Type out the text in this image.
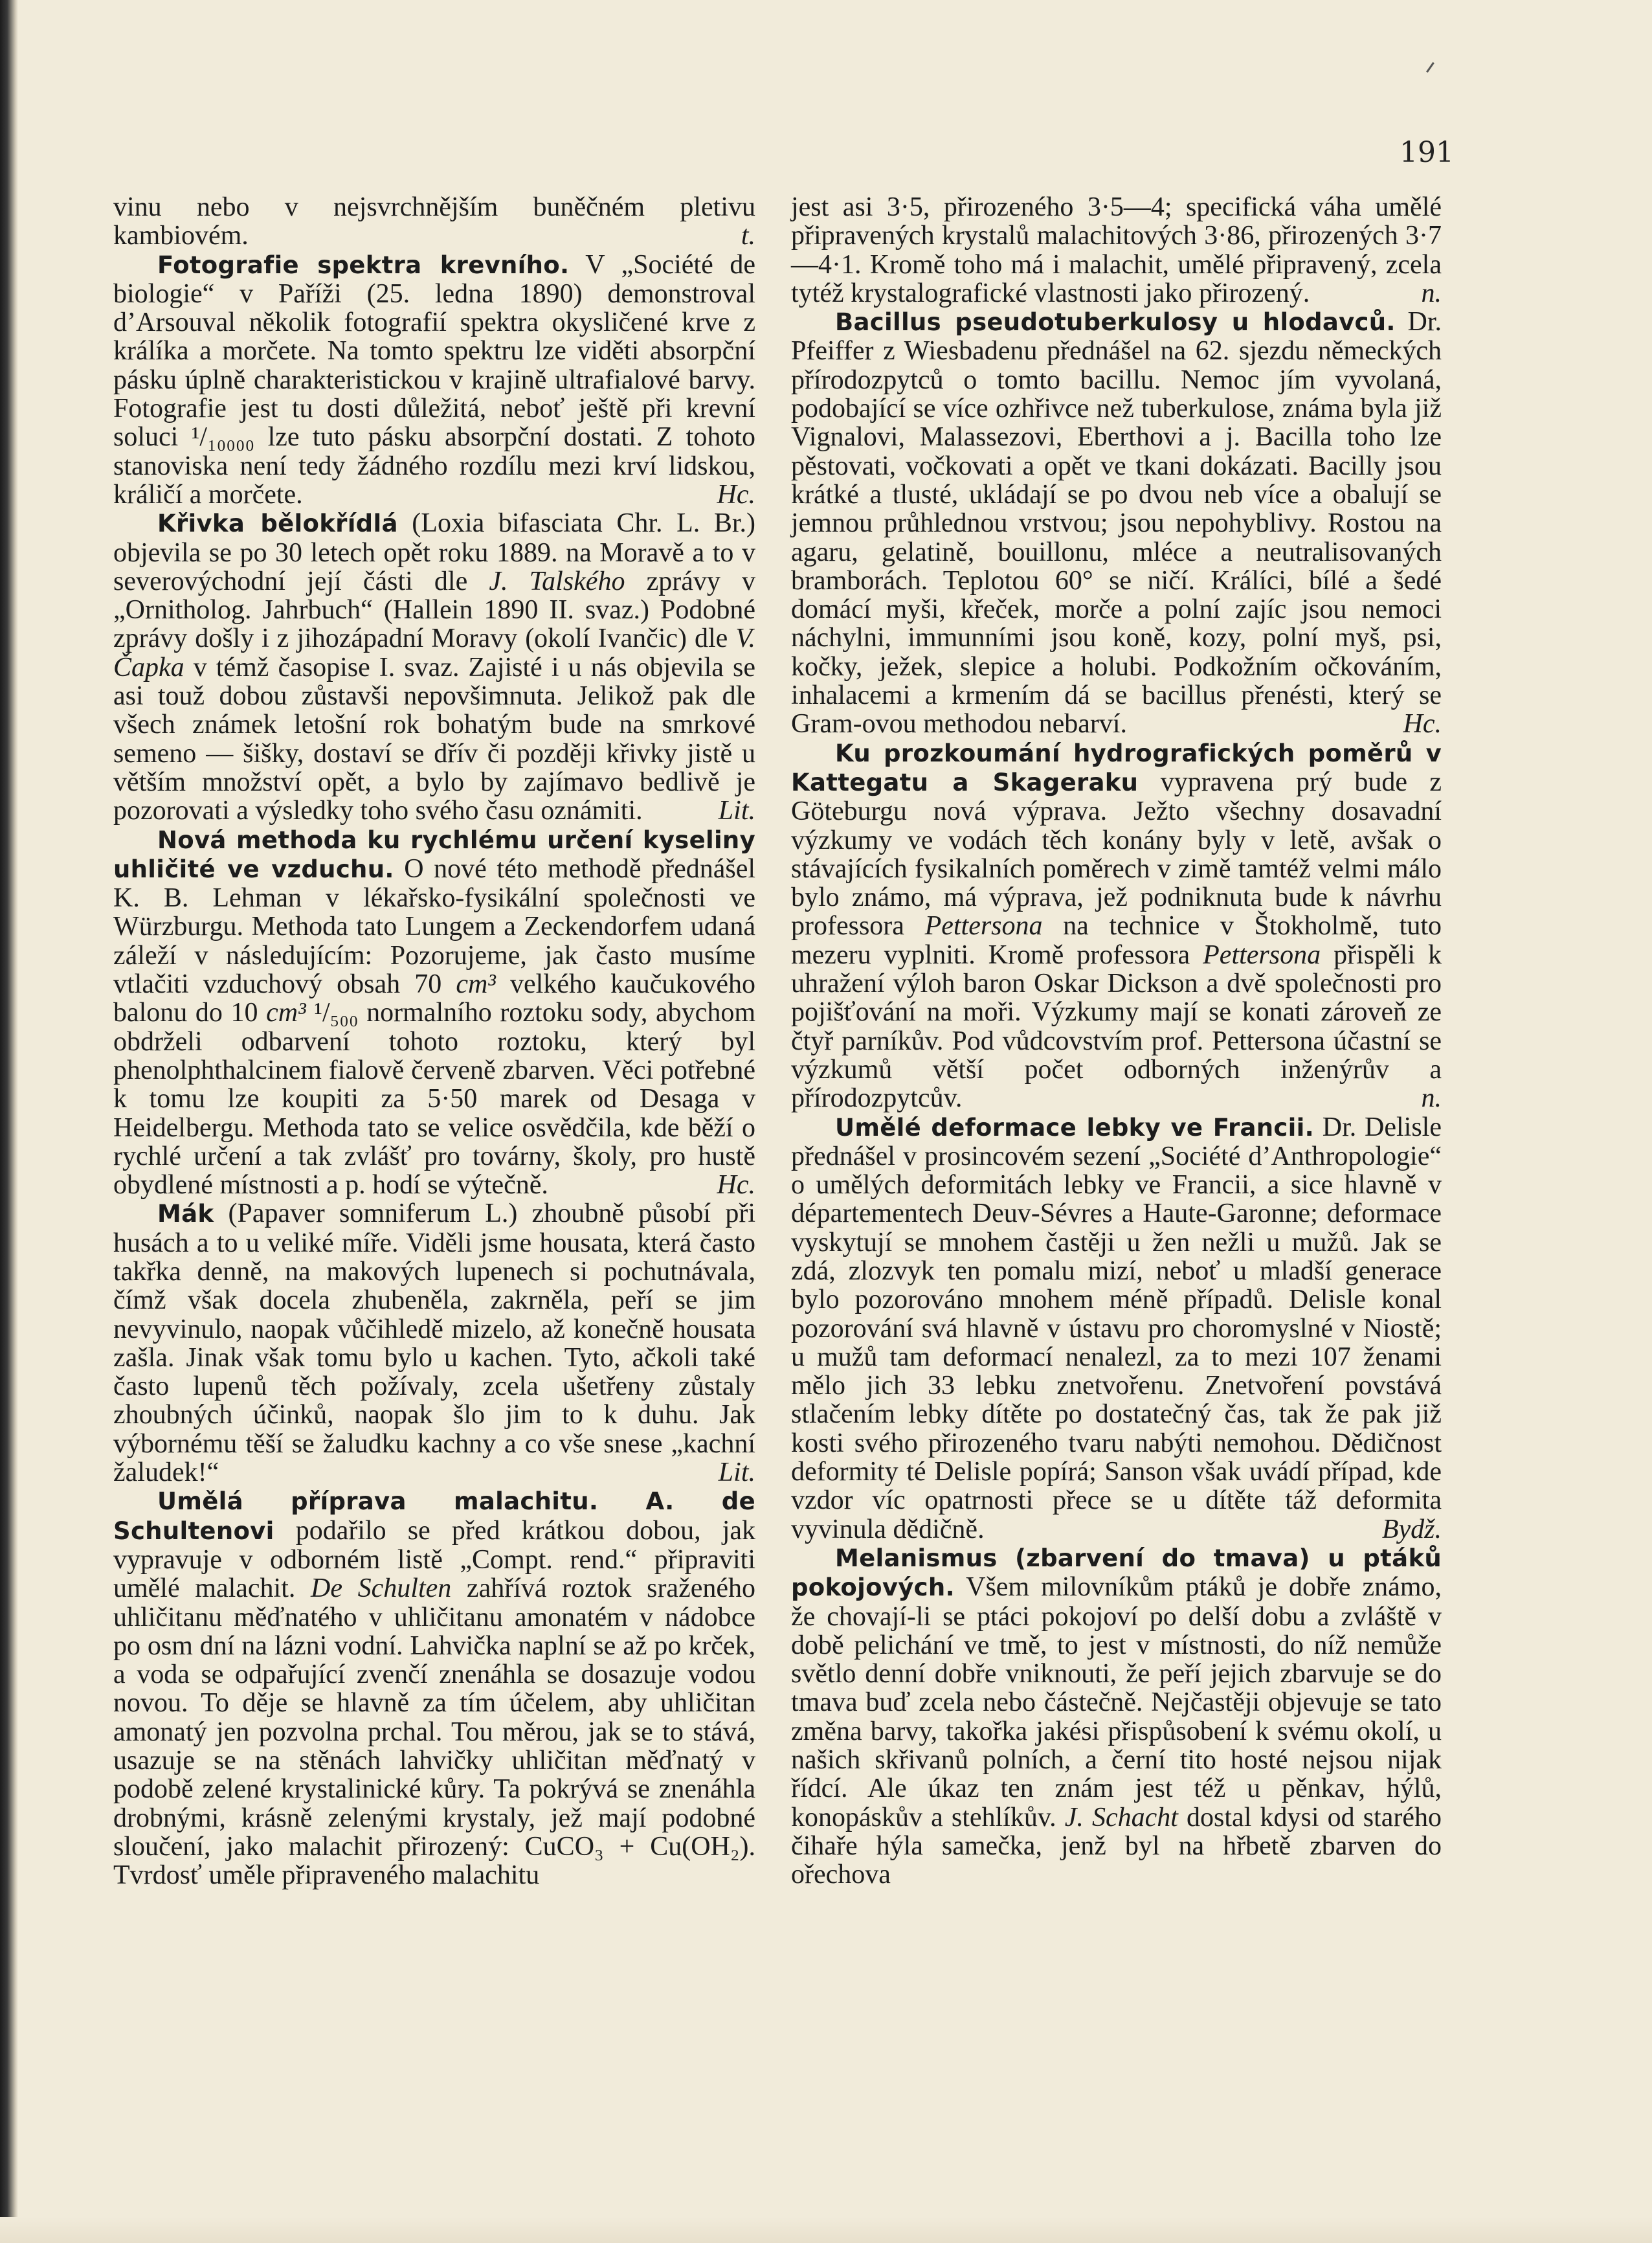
191

vinu nebo v nejsvrchnějším buněčném pletivu kambiovém.	t.

Fotografie spektra krevního. V „Société de biologie“ v Paříži (25. ledna 1890) demonstroval d’Arsouval několik fotografií spektra okysličené krve z králíka a morčete. Na tomto spektru lze viděti absorpční pásku úplně charakteristickou v krajině ultrafialové barvy. Fotografie jest tu dosti důležitá, neboť ještě při krevní soluci ¹/₁₀₀₀₀ lze tuto pásku absorpční dostati. Z tohoto stanoviska není tedy žádného rozdílu mezi krví lidskou, králičí a morčete.	Hc.

Křivka bělokřídlá (Loxia bifasciata Chr. L. Br.) objevila se po 30 letech opět roku 1889. na Moravě a to v severovýchodní její části dle J. Talského zprávy v „Ornitholog. Jahrbuch“ (Hallein 1890 II. svaz.) Podobné zprávy došly i z jihozápadní Moravy (okolí Ivančic) dle V. Čapka v témž časopise I. svaz. Zajisté i u nás objevila se asi touž dobou zůstavši nepovšimnuta. Jelikož pak dle všech známek letošní rok bohatým bude na smrkové semeno — šišky, dostaví se dřív či později křivky jistě u větším množství opět, a bylo by zajímavo bedlivě je pozorovati a výsledky toho svého času oznámiti.	Lit.

Nová methoda ku rychlému určení kyseliny uhličité ve vzduchu. O nové této methodě přednášel K. B. Lehman v lékařsko-fysikální společnosti ve Würzburgu. Methoda tato Lungem a Zeckendorfem udaná záleží v následujícím: Pozorujeme, jak často musíme vtlačiti vzduchový obsah 70 cm³ velkého kaučukového balonu do 10 cm³ ¹/₅₀₀ normalního roztoku sody, abychom obdrželi odbarvení tohoto roztoku, který byl phenolphthalcinem fialově červeně zbarven. Věci potřebné k tomu lze koupiti za 5·50 marek od Desaga v Heidelbergu. Methoda tato se velice osvědčila, kde běží o rychlé určení a tak zvlášť pro továrny, školy, pro hustě obydlené místnosti a p. hodí se výtečně.	Hc.

Mák (Papaver somniferum L.) zhoubně působí při husách a to u veliké míře. Viděli jsme housata, která často takřka denně, na makových lupenech si pochutnávala, čímž však docela zhubeněla, zakrněla, peří se jim nevyvinulo, naopak vůčihledě mizelo, až konečně housata zašla. Jinak však tomu bylo u kachen. Tyto, ačkoli také často lupenů těch požívaly, zcela ušetřeny zůstaly zhoubných účinků, naopak šlo jim to k duhu. Jak výbornému těší se žaludku kachny a co vše snese „kachní žaludek!“	Lit.

Umělá příprava malachitu. A. de Schultenovi podařilo se před krátkou dobou, jak vypravuje v odborném listě „Compt. rend.“ připraviti umělé malachit. De Schulten zahřívá roztok sraženého uhličitanu měďnatého v uhličitanu amonatém v nádobce po osm dní na lázni vodní. Lahvička naplní se až po krček, a voda se odpařující zvenčí znenáhla se dosazuje vodou novou. To děje se hlavně za tím účelem, aby uhličitan amonatý jen pozvolna prchal. Tou měrou, jak se to stává, usazuje se na stěnách lahvičky uhličitan měďnatý v podobě zelené krystalinické kůry. Ta pokrývá se znenáhla drobnými, krásně zelenými krystaly, jež mají podobné sloučení, jako malachit přirozený: CuCO₃ + Cu(OH₂). Tvrdosť uměle připraveného malachitu

jest asi 3·5, přirozeného 3·5—4; specifická váha umělé připravených krystalů malachitových 3·86, přirozených 3·7—4·1. Kromě toho má i malachit, umělé připravený, zcela tytéž krystalografické vlastnosti jako přirozený.	n.

Bacillus pseudotuberkulosy u hlodavců. Dr. Pfeiffer z Wiesbadenu přednášel na 62. sjezdu německých přírodozpytců o tomto bacillu. Nemoc jím vyvolaná, podobající se více ozhřivce než tuberkulose, známa byla již Vignalovi, Malassezovi, Eberthovi a j. Bacilla toho lze pěstovati, vočkovati a opět ve tkani dokázati. Bacilly jsou krátké a tlusté, ukládají se po dvou neb více a obalují se jemnou průhlednou vrstvou; jsou nepohyblivy. Rostou na agaru, gelatině, bouillonu, mléce a neutralisovaných bramborách. Teplotou 60° se ničí. Králíci, bílé a šedé domácí myši, křeček, morče a polní zajíc jsou nemoci náchylni, immunními jsou koně, kozy, polní myš, psi, kočky, ježek, slepice a holubi. Podkožním očkováním, inhalacemi a krmením dá se bacillus přenésti, který se Gram-ovou methodou nebarví.	Hc.

Ku prozkoumání hydrografických poměrů v Kattegatu a Skageraku vypravena prý bude z Göteburgu nová výprava. Ježto všechny dosavadní výzkumy ve vodách těch konány byly v letě, avšak o stávajících fysikalních poměrech v zimě tamtéž velmi málo bylo známo, má výprava, jež podniknuta bude k návrhu professora Pettersona na technice v Štokholmě, tuto mezeru vyplniti. Kromě professora Pettersona přispěli k uhražení výloh baron Oskar Dickson a dvě společnosti pro pojišťování na moři. Výzkumy mají se konati zároveň ze čtyř parníkův. Pod vůdcovstvím prof. Pettersona účastní se výzkumů větší počet odborných inženýrův a přírodozpytcův.	n.

Umělé deformace lebky ve Francii. Dr. Delisle přednášel v prosincovém sezení „Société d’Anthropologie“ o umělých deformitách lebky ve Francii, a sice hlavně v départementech Deuv-Sévres a Haute-Garonne; deformace vyskytují se mnohem častěji u žen nežli u mužů. Jak se zdá, zlozvyk ten pomalu mizí, neboť u mladší generace bylo pozorováno mnohem méně případů. Delisle konal pozorování svá hlavně v ústavu pro choromyslné v Niostě; u mužů tam deformací nenalezl, za to mezi 107 ženami mělo jich 33 lebku znetvořenu. Znetvoření povstává stlačením lebky dítěte po dostatečný čas, tak že pak již kosti svého přirozeného tvaru nabýti nemohou. Dědičnost deformity té Delisle popírá; Sanson však uvádí případ, kde vzdor víc opatrnosti přece se u dítěte táž deformita vyvinula dědičně.	Bydž.

Melanismus (zbarvení do tmava) u ptáků pokojových. Všem milovníkům ptáků je dobře známo, že chovají-li se ptáci pokojoví po delší dobu a zvláště v době pelichání ve tmě, to jest v místnosti, do níž nemůže světlo denní dobře vniknouti, že peří jejich zbarvuje se do tmava buď zcela nebo částečně. Nejčastěji objevuje se tato změna barvy, takořka jakési přispůsobení k svému okolí, u našich skřivanů polních, a černí tito hosté nejsou nijak řídcí. Ale úkaz ten znám jest též u pěnkav, hýlů, konopáskův a stehlíkův. J. Schacht dostal kdysi od starého čihaře hýla samečka, jenž byl na hřbetě zbarven do ořechova
